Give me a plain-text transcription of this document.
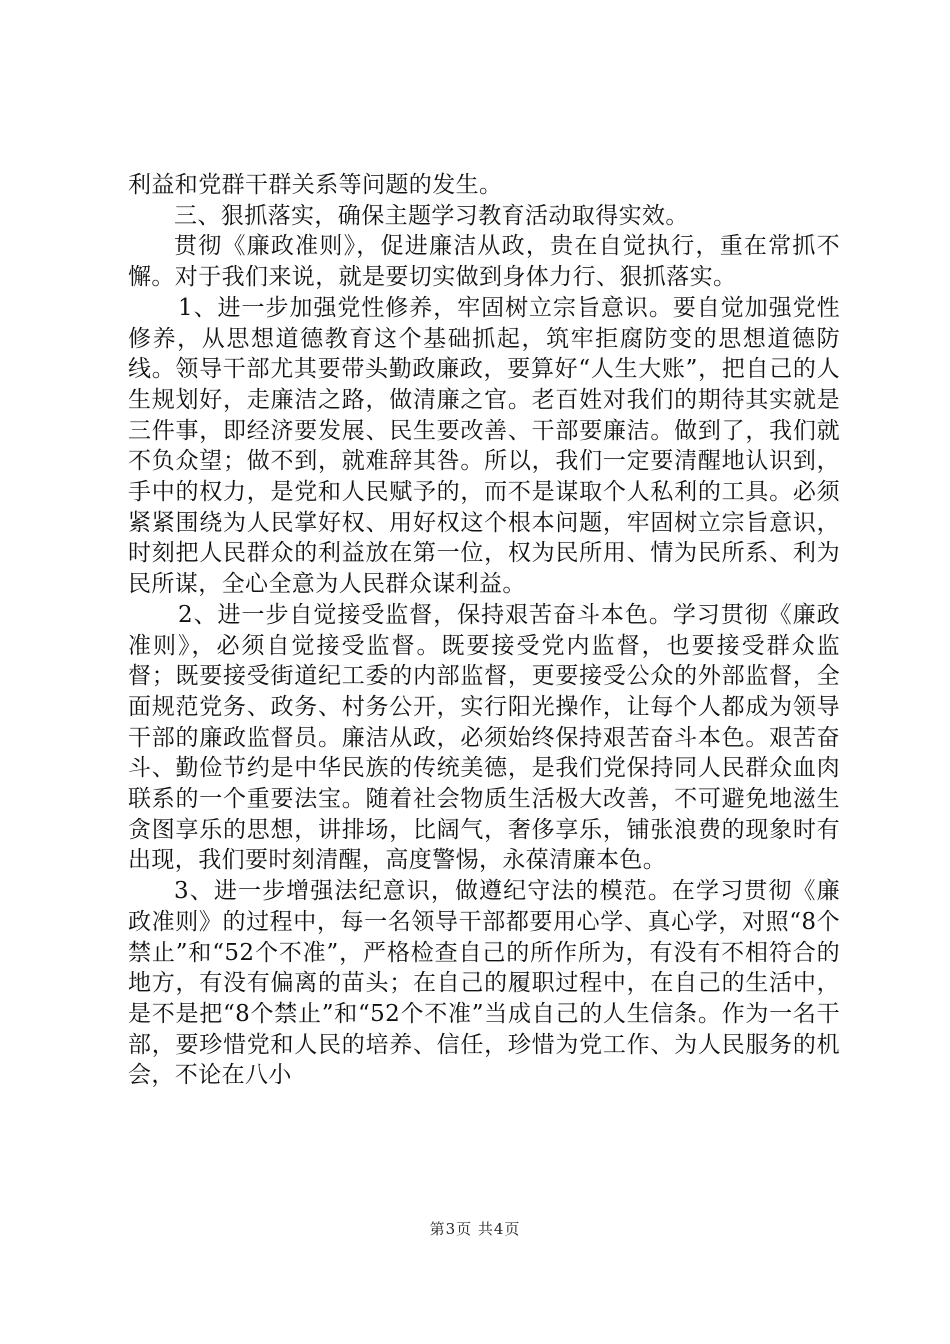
利益和党群干群关系等问题的发生。

三、狠抓落实，确保主题学习教育活动取得实效。

贯彻《廉政准则》，促进廉洁从政，贵在自觉执行，重在常抓不懈。对于我们来说，就是要切实做到身体力行、狠抓落实。

1、进一步加强党性修养，牢固树立宗旨意识。要自觉加强党性修养，从思想道德教育这个基础抓起，筑牢拒腐防变的思想道德防线。领导干部尤其要带头勤政廉政，要算好“人生大账”，把自己的人生规划好，走廉洁之路，做清廉之官。老百姓对我们的期待其实就是三件事，即经济要发展、民生要改善、干部要廉洁。做到了，我们就不负众望；做不到，就难辞其咎。所以，我们一定要清醒地认识到，手中的权力，是党和人民赋予的，而不是谋取个人私利的工具。必须紧紧围绕为人民掌好权、用好权这个根本问题，牢固树立宗旨意识，时刻把人民群众的利益放在第一位，权为民所用、情为民所系、利为民所谋，全心全意为人民群众谋利益。

2、进一步自觉接受监督，保持艰苦奋斗本色。学习贯彻《廉政准则》，必须自觉接受监督。既要接受党内监督，也要接受群众监督；既要接受街道纪工委的内部监督，更要接受公众的外部监督，全面规范党务、政务、村务公开，实行阳光操作，让每个人都成为领导干部的廉政监督员。廉洁从政，必须始终保持艰苦奋斗本色。艰苦奋斗、勤俭节约是中华民族的传统美德，是我们党保持同人民群众血肉联系的一个重要法宝。随着社会物质生活极大改善，不可避免地滋生贪图享乐的思想，讲排场，比阔气，奢侈享乐，铺张浪费的现象时有出现，我们要时刻清醒，高度警惕，永葆清廉本色。

3、进一步增强法纪意识，做遵纪守法的模范。在学习贯彻《廉政准则》的过程中，每一名领导干部都要用心学、真心学，对照“8个禁止”和“52个不准”，严格检查自己的所作所为，有没有不相符合的地方，有没有偏离的苗头；在自己的履职过程中，在自己的生活中，是不是把“8个禁止”和“52个不准”当成自己的人生信条。作为一名干部，要珍惜党和人民的培养、信任，珍惜为党工作、为人民服务的机会，不论在八小

第3页 共4页
